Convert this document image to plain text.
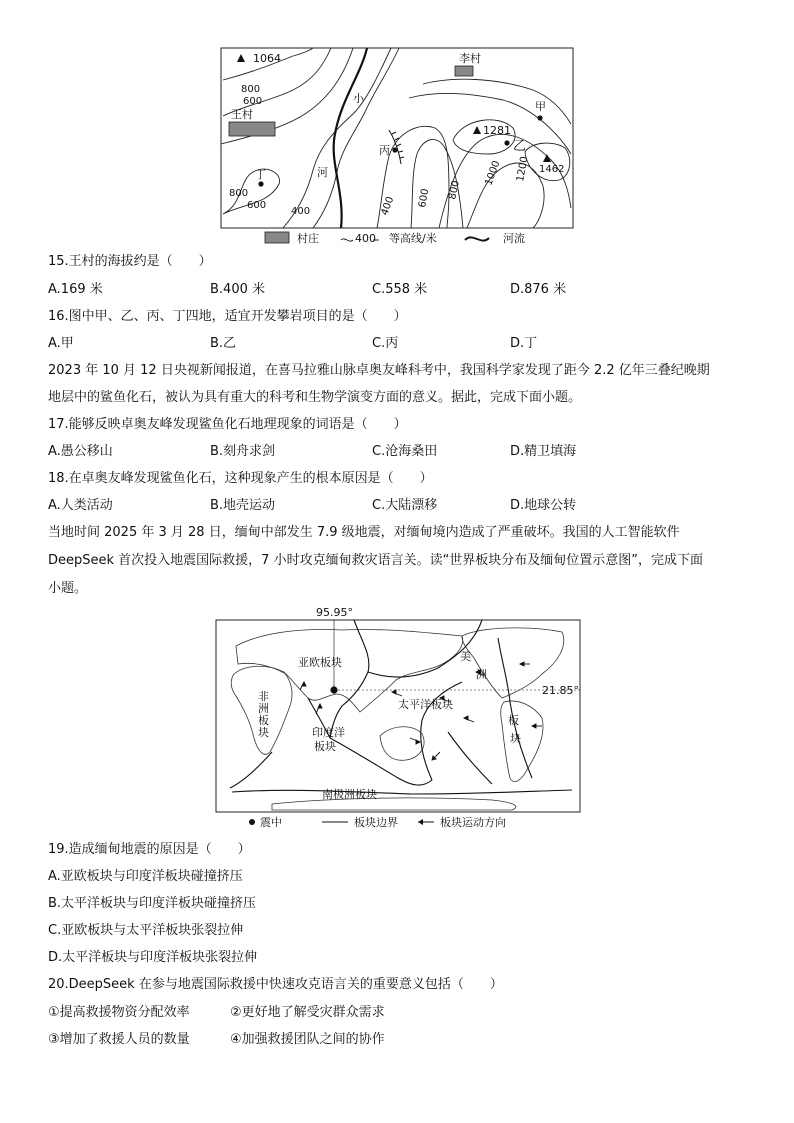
1064
800
600
王村
李村
甲
乙
丙
丁
1281
1462
小
河
400 600 800
1000 1200
800
600
400
村庄	400 等高线/米	河流
15.王村的海拔约是（　　）
A.169 米	B.400 米	C.558 米	D.876 米
16.图中甲、乙、丙、丁四地，适宜开发攀岩项目的是（　　）
A.甲	B.乙	C.丙	D.丁
2023 年 10 月 12 日央视新闻报道，在喜马拉雅山脉卓奥友峰科考中，我国科学家发现了距今 2.2 亿年三叠纪晚期
地层中的鲨鱼化石，被认为具有重大的科考和生物学演变方面的意义。据此，完成下面小题。
17.能够反映卓奥友峰发现鲨鱼化石地理现象的词语是（　　）
A.愚公移山	B.刻舟求剑	C.沧海桑田	D.精卫填海
18.在卓奥友峰发现鲨鱼化石，这种现象产生的根本原因是（　　）
A.人类活动	B.地壳运动	C.大陆漂移	D.地球公转
当地时间 2025 年 3 月 28 日，缅甸中部发生 7.9 级地震，对缅甸境内造成了严重破坏。我国的人工智能软件
DeepSeek 首次投入地震国际救援，7 小时攻克缅甸救灾语言关。读“世界板块分布及缅甸位置示意图”，完成下面
小题。
95.95°
21.85°
亚欧板块
非
洲
板
块	印度洋
板块
太平洋板块
美
洲
板
块
南极洲板块
震中	板块边界	板块运动方向
19.造成缅甸地震的原因是（　　）
A.亚欧板块与印度洋板块碰撞挤压
B.太平洋板块与印度洋板块碰撞挤压
C.亚欧板块与太平洋板块张裂拉伸
D.太平洋板块与印度洋板块张裂拉伸
20.DeepSeek 在参与地震国际救援中快速攻克语言关的重要意义包括（　　）
①提高救援物资分配效率	②更好地了解受灾群众需求
③增加了救援人员的数量	④加强救援团队之间的协作
